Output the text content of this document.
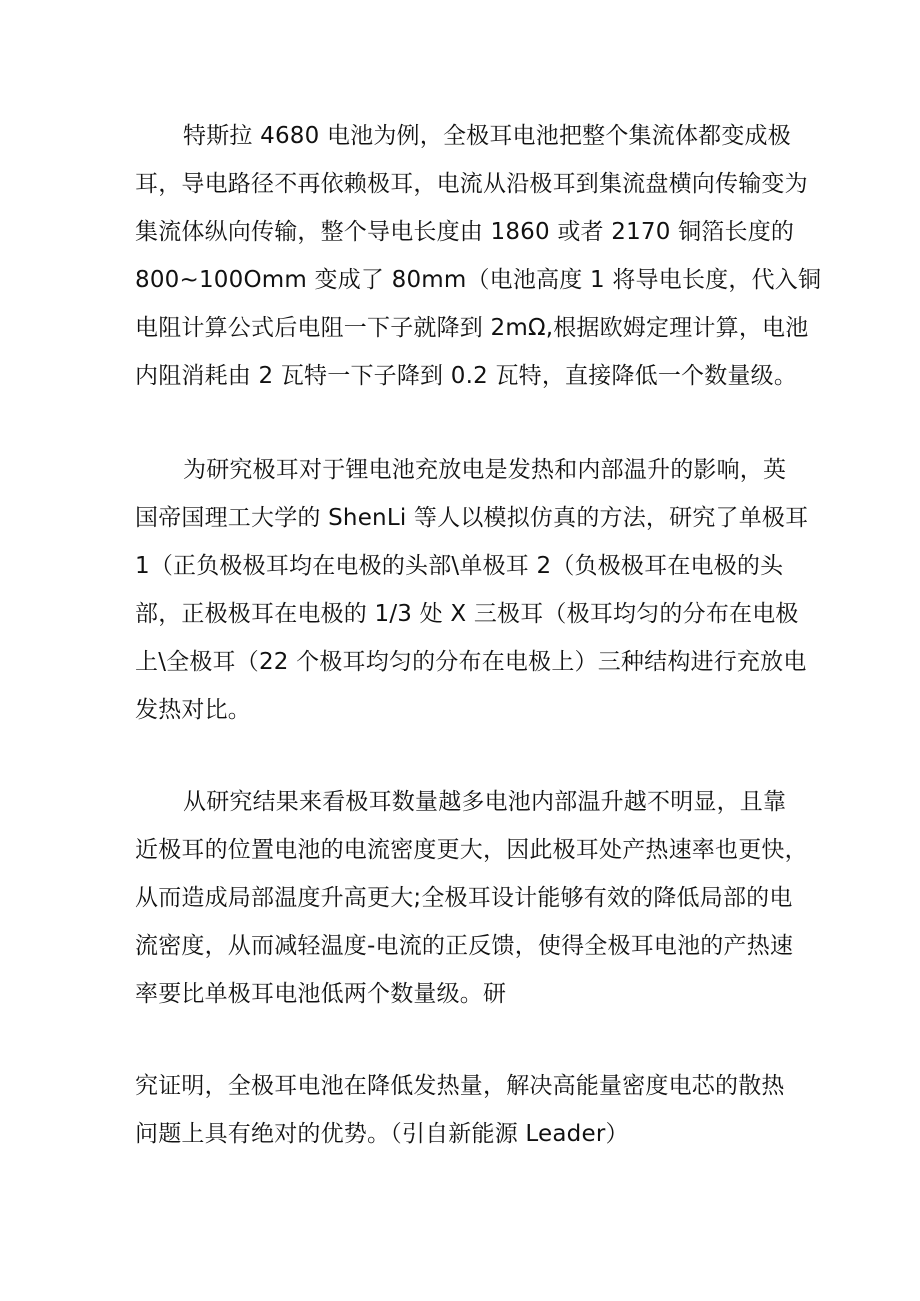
特斯拉 4680 电池为例，全极耳电池把整个集流体都变成极
耳，导电路径不再依赖极耳，电流从沿极耳到集流盘横向传输变为
集流体纵向传输，整个导电长度由 1860 或者 2170 铜箔长度的
800~100Omm 变成了 80mm（电池高度 1 将导电长度，代入铜
电阻计算公式后电阻一下子就降到 2mΩ,根据欧姆定理计算，电池
内阻消耗由 2 瓦特一下子降到 0.2 瓦特，直接降低一个数量级。

为研究极耳对于锂电池充放电是发热和内部温升的影响，英
国帝国理工大学的 ShenLi 等人以模拟仿真的方法，研究了单极耳
1（正负极极耳均在电极的头部\单极耳 2（负极极耳在电极的头
部，正极极耳在电极的 1/3 处 X 三极耳（极耳均匀的分布在电极
上\全极耳（22 个极耳均匀的分布在电极上）三种结构进行充放电
发热对比。

从研究结果来看极耳数量越多电池内部温升越不明显，且靠
近极耳的位置电池的电流密度更大，因此极耳处产热速率也更快，
从而造成局部温度升高更大;全极耳设计能够有效的降低局部的电
流密度，从而减轻温度-电流的正反馈，使得全极耳电池的产热速
率要比单极耳电池低两个数量级。研

究证明，全极耳电池在降低发热量，解决高能量密度电芯的散热
问题上具有绝对的优势。（引自新能源 Leader）
